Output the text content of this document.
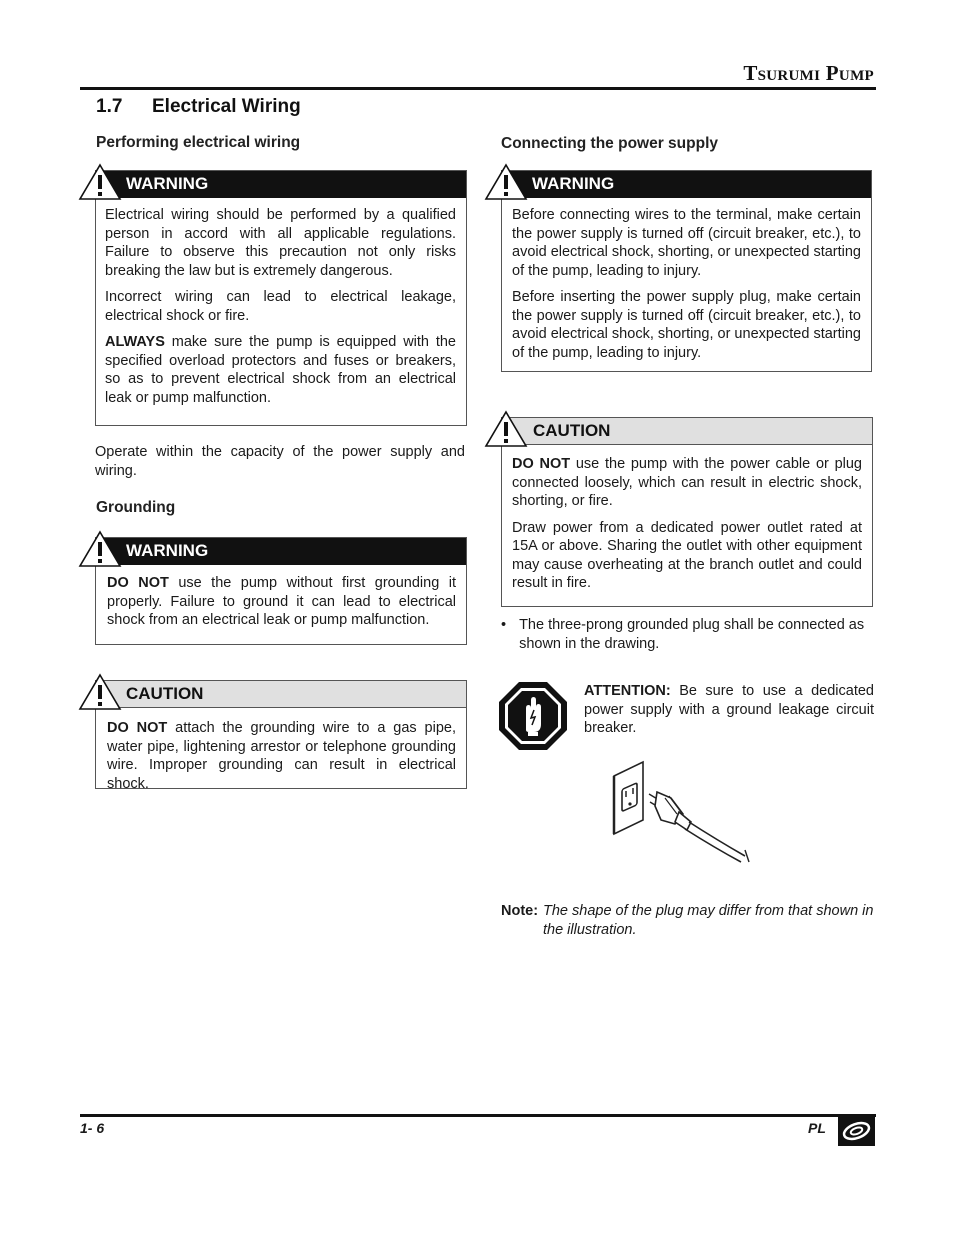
Tsurumi Pump
1.7 Electrical Wiring
Performing electrical wiring
WARNING

Electrical wiring should be performed by a qualified person in accord with all applicable regulations. Failure to observe this precaution not only risks breaking the law but is extremely dangerous.

Incorrect wiring can lead to electrical leakage, electrical shock or fire.

ALWAYS make sure the pump is equipped with the specified overload protectors and fuses or breakers, so as to prevent electrical shock from an electrical leak or pump malfunction.

Operate within the capacity of the power supply and wiring.
Grounding
WARNING

DO NOT use the pump without first grounding it properly. Failure to ground it can lead to electrical shock from an electrical leak or pump malfunction.

CAUTION

DO NOT attach the grounding wire to a gas pipe, water pipe, lightening arrestor or telephone grounding wire. Improper grounding can result in electrical shock.

Connecting the power supply
WARNING

Before connecting wires to the terminal, make certain the power supply is turned off (circuit breaker, etc.), to avoid electrical shock, shorting, or unexpected starting of the pump, leading to injury.

Before inserting the power supply plug, make certain the power supply is turned off (circuit breaker, etc.), to avoid electrical shock, shorting, or unexpected starting of the pump, leading to injury.

CAUTION

DO NOT use the pump with the power cable or plug connected loosely, which can result in electric shock, shorting, or fire.

Draw power from a dedicated power outlet rated at 15A or above. Sharing the outlet with other equipment may cause overheating at the branch outlet and could result in fire.

• The three-prong grounded plug shall be connected as shown in the drawing.
ATTENTION: Be sure to use a dedicated power supply with a ground leakage circuit breaker.
Note: The shape of the plug may differ from that shown in the illustration.
1- 6	PL
